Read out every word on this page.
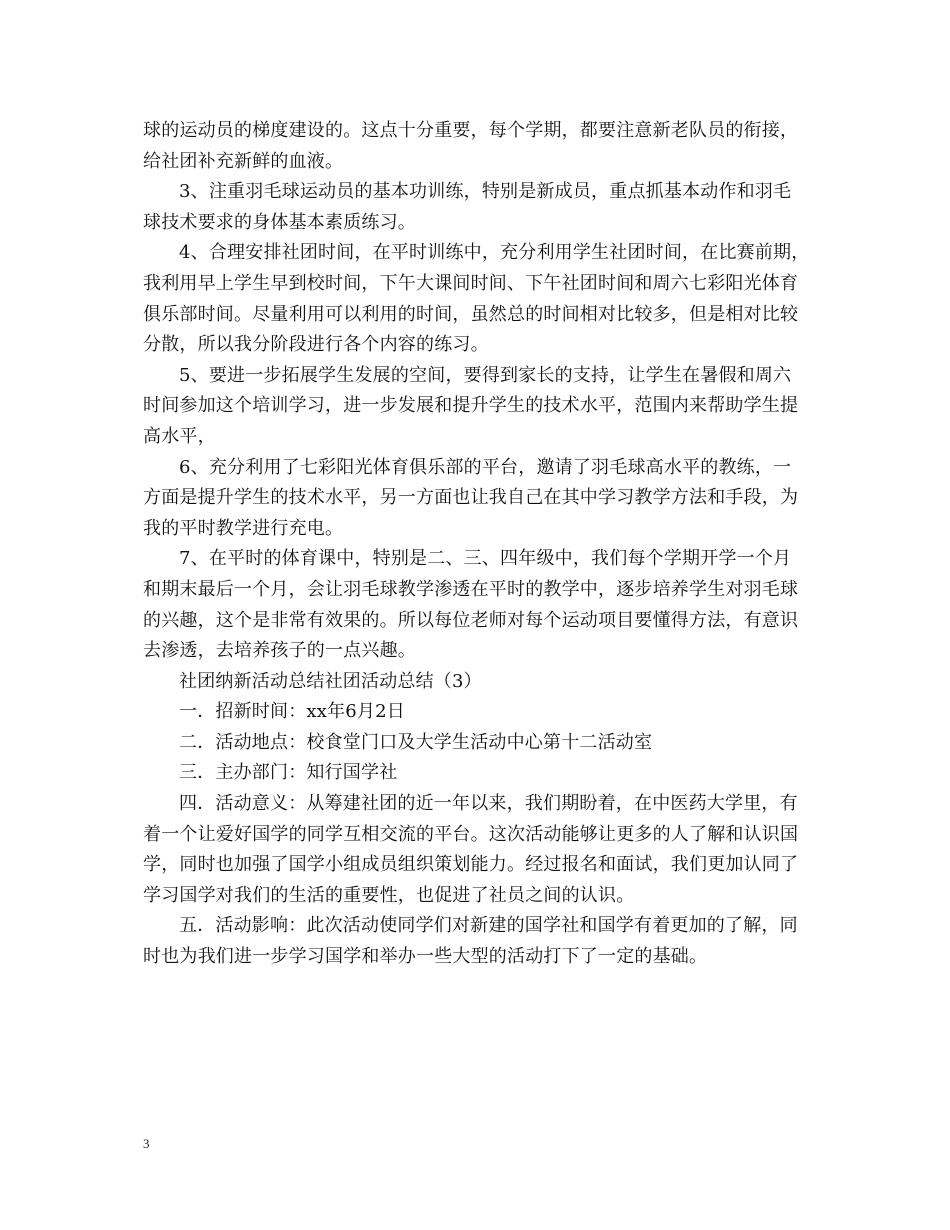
球的运动员的梯度建设的。这点十分重要，每个学期，都要注意新老队员的衔接，
给社团补充新鲜的血液。
3、注重羽毛球运动员的基本功训练，特别是新成员，重点抓基本动作和羽毛
球技术要求的身体基本素质练习。
4、合理安排社团时间，在平时训练中，充分利用学生社团时间，在比赛前期，
我利用早上学生早到校时间，下午大课间时间、下午社团时间和周六七彩阳光体育
俱乐部时间。尽量利用可以利用的时间，虽然总的时间相对比较多，但是相对比较
分散，所以我分阶段进行各个内容的练习。
5、要进一步拓展学生发展的空间，要得到家长的支持，让学生在暑假和周六
时间参加这个培训学习，进一步发展和提升学生的技术水平，范围内来帮助学生提
高水平，
6、充分利用了七彩阳光体育俱乐部的平台，邀请了羽毛球高水平的教练，一
方面是提升学生的技术水平，另一方面也让我自己在其中学习教学方法和手段，为
我的平时教学进行充电。
7、在平时的体育课中，特别是二、三、四年级中，我们每个学期开学一个月
和期末最后一个月，会让羽毛球教学渗透在平时的教学中，逐步培养学生对羽毛球
的兴趣，这个是非常有效果的。所以每位老师对每个运动项目要懂得方法，有意识
去渗透，去培养孩子的一点兴趣。
社团纳新活动总结社团活动总结（3）
一．招新时间：xx年6月2日
二．活动地点：校食堂门口及大学生活动中心第十二活动室
三．主办部门：知行国学社
四．活动意义：从筹建社团的近一年以来，我们期盼着，在中医药大学里，有
着一个让爱好国学的同学互相交流的平台。这次活动能够让更多的人了解和认识国
学，同时也加强了国学小组成员组织策划能力。经过报名和面试，我们更加认同了
学习国学对我们的生活的重要性，也促进了社员之间的认识。
五．活动影响：此次活动使同学们对新建的国学社和国学有着更加的了解，同
时也为我们进一步学习国学和举办一些大型的活动打下了一定的基础。
3
